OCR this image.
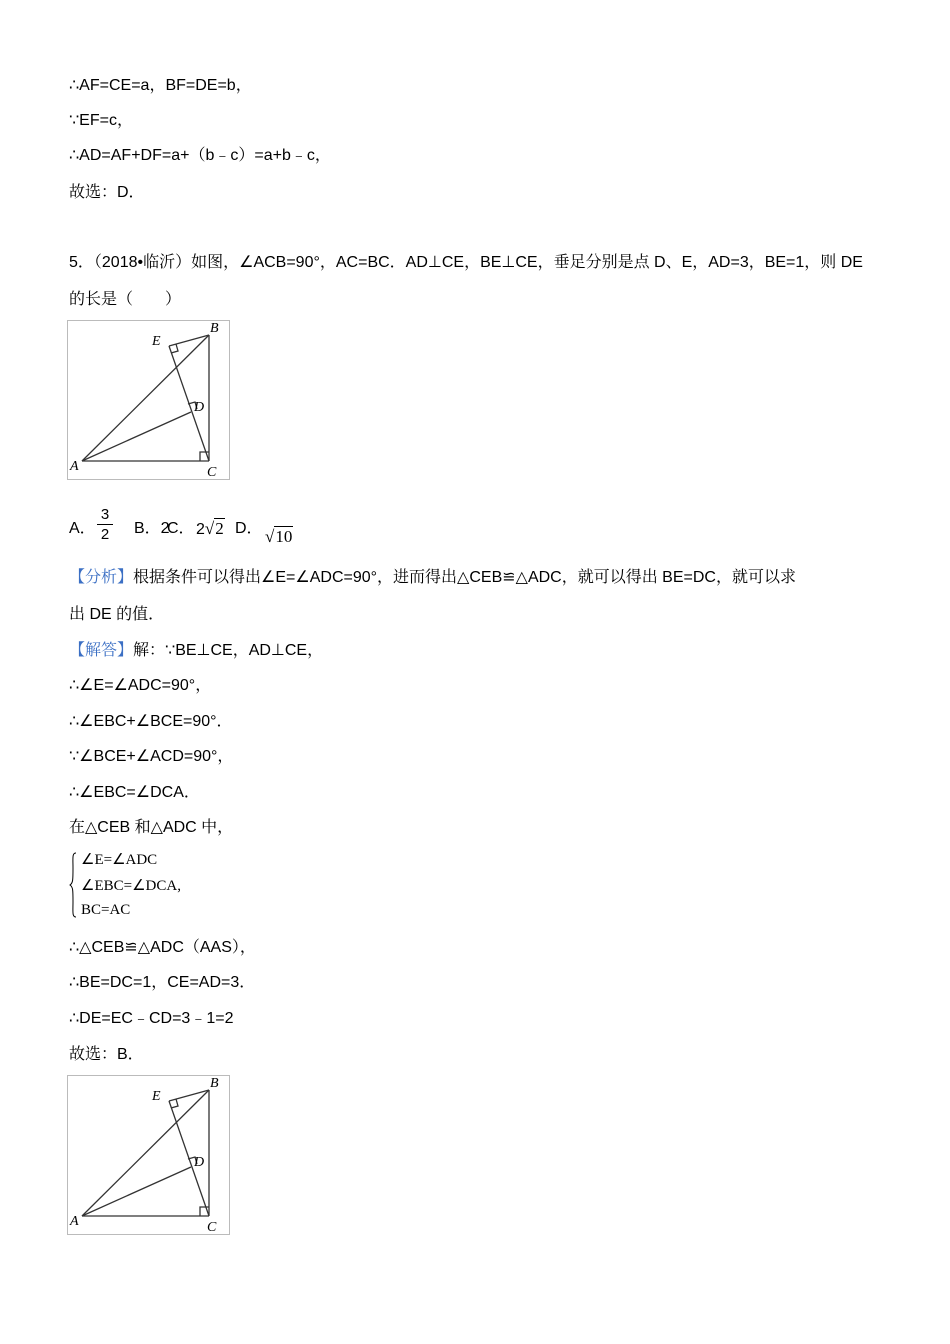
∴AF=CE=a，BF=DE=b，
∵EF=c，
∴AD=AF+DF=a+（b﹣c）=a+b﹣c，
故选：D．
5．（2018•临沂）如图，∠ACB=90°，AC=BC．AD⊥CE，BE⊥CE，垂足分别是点 D、E，AD=3，BE=1，则 DE
的长是（　　）
A
B
C
D
E
A．
3
2 B．2
C． 2√2 D． √10
【分析】根据条件可以得出∠E=∠ADC=90°，进而得出△CEB≌△ADC，就可以得出 BE=DC，就可以求
出 DE 的值．
【解答】解：∵BE⊥CE，AD⊥CE，
∴∠E=∠ADC=90°，
∴∠EBC+∠BCE=90°．
∵∠BCE+∠ACD=90°，
∴∠EBC=∠DCA．
在△CEB 和△ADC 中，
∠E=∠ADC
∠EBC=∠DCA,
BC=AC
∴△CEB≌△ADC（AAS），
∴BE=DC=1，CE=AD=3．
∴DE=EC﹣CD=3﹣1=2
故选：B．
A
B
C
D
E
